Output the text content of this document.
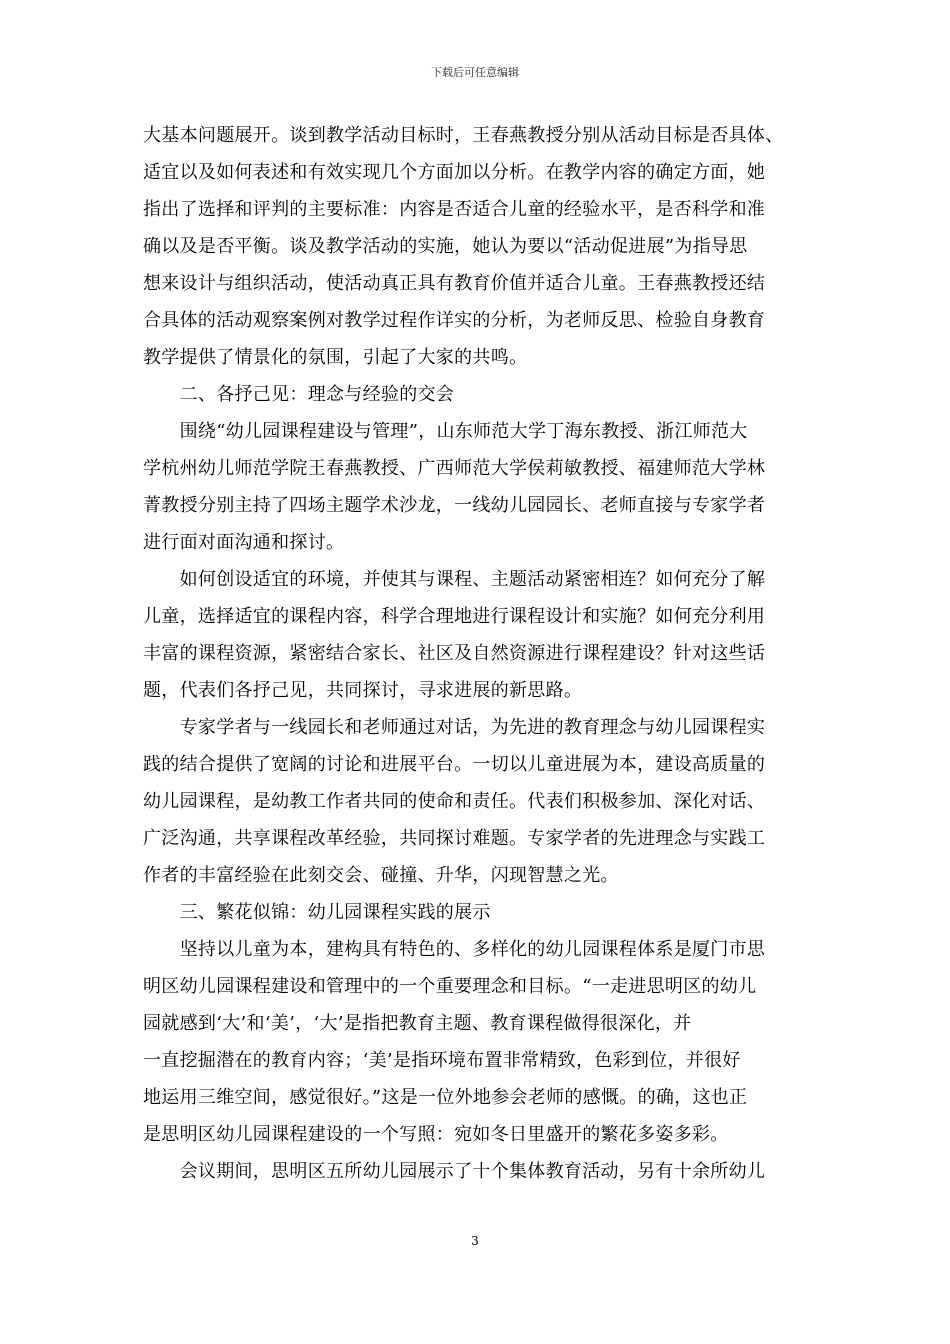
下载后可任意编辑
大基本问题展开。谈到教学活动目标时，王春燕教授分别从活动目标是否具体、
适宜以及如何表述和有效实现几个方面加以分析。在教学内容的确定方面，她
指出了选择和评判的主要标准：内容是否适合儿童的经验水平，是否科学和准
确以及是否平衡。谈及教学活动的实施，她认为要以“活动促进展”为指导思
想来设计与组织活动，使活动真正具有教育价值并适合儿童。王春燕教授还结
合具体的活动观察案例对教学过程作详实的分析，为老师反思、检验自身教育
教学提供了情景化的氛围，引起了大家的共鸣。
　　二、各抒己见：理念与经验的交会
　　围绕“幼儿园课程建设与管理”，山东师范大学丁海东教授、浙江师范大
学杭州幼儿师范学院王春燕教授、广西师范大学侯莉敏教授、福建师范大学林
菁教授分别主持了四场主题学术沙龙，一线幼儿园园长、老师直接与专家学者
进行面对面沟通和探讨。
　　如何创设适宜的环境，并使其与课程、主题活动紧密相连？如何充分了解
儿童，选择适宜的课程内容，科学合理地进行课程设计和实施？如何充分利用
丰富的课程资源，紧密结合家长、社区及自然资源进行课程建设？针对这些话
题，代表们各抒己见，共同探讨，寻求进展的新思路。
　　专家学者与一线园长和老师通过对话，为先进的教育理念与幼儿园课程实
践的结合提供了宽阔的讨论和进展平台。一切以儿童进展为本，建设高质量的
幼儿园课程，是幼教工作者共同的使命和责任。代表们积极参加、深化对话、
广泛沟通，共享课程改革经验，共同探讨难题。专家学者的先进理念与实践工
作者的丰富经验在此刻交会、碰撞、升华，闪现智慧之光。
　　三、繁花似锦：幼儿园课程实践的展示
　　坚持以儿童为本，建构具有特色的、多样化的幼儿园课程体系是厦门市思
明区幼儿园课程建设和管理中的一个重要理念和目标。“一走进思明区的幼儿
园就感到‘大’和‘美’，‘大’是指把教育主题、教育课程做得很深化，并
一直挖掘潜在的教育内容；‘美’是指环境布置非常精致，色彩到位，并很好
地运用三维空间，感觉很好。”这是一位外地参会老师的感慨。的确，这也正
是思明区幼儿园课程建设的一个写照：宛如冬日里盛开的繁花多姿多彩。
　　会议期间，思明区五所幼儿园展示了十个集体教育活动，另有十余所幼儿
3
